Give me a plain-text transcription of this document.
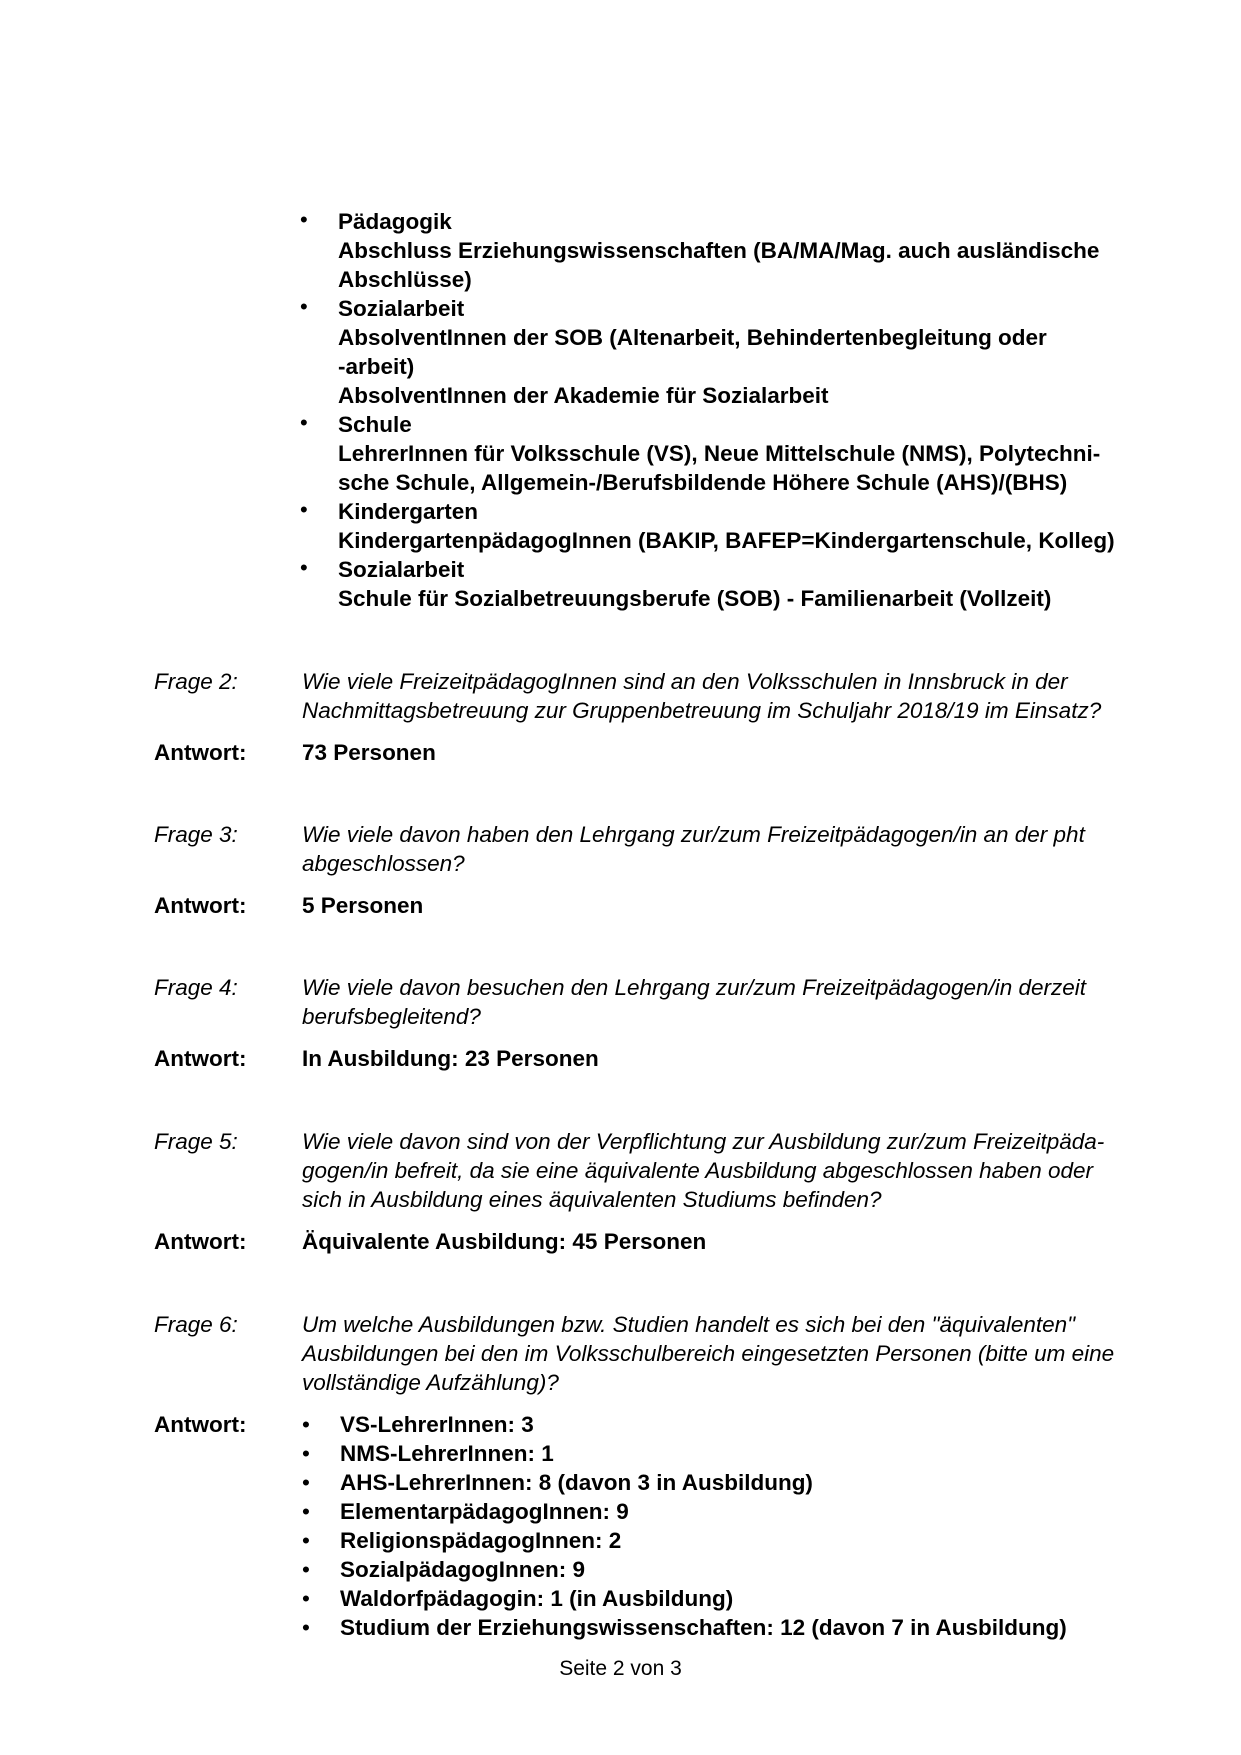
• Pädagogik
Abschluss Erziehungswissenschaften (BA/MA/Mag. auch ausländische
Abschlüsse)
• Sozialarbeit
AbsolventInnen der SOB (Altenarbeit, Behindertenbegleitung oder
-arbeit)
AbsolventInnen der Akademie für Sozialarbeit
• Schule
LehrerInnen für Volksschule (VS), Neue Mittelschule (NMS), Polytechni-
sche Schule, Allgemein-/Berufsbildende Höhere Schule (AHS)/(BHS)
• Kindergarten
KindergartenpädagogInnen (BAKIP, BAFEP=Kindergartenschule, Kolleg)
• Sozialarbeit
Schule für Sozialbetreuungsberufe (SOB) - Familienarbeit (Vollzeit)
Frage 2:	Wie viele FreizeitpädagogInnen sind an den Volksschulen in Innsbruck in der
Nachmittagsbetreuung zur Gruppenbetreuung im Schuljahr 2018/19 im Einsatz?
Antwort:	73 Personen
Frage 3:	Wie viele davon haben den Lehrgang zur/zum Freizeitpädagogen/in an der pht
abgeschlossen?
Antwort:	5 Personen
Frage 4:	Wie viele davon besuchen den Lehrgang zur/zum Freizeitpädagogen/in derzeit
berufsbegleitend?
Antwort:	In Ausbildung: 23 Personen
Frage 5:	Wie viele davon sind von der Verpflichtung zur Ausbildung zur/zum Freizeitpäda-
gogen/in befreit, da sie eine äquivalente Ausbildung abgeschlossen haben oder
sich in Ausbildung eines äquivalenten Studiums befinden?
Antwort:	Äquivalente Ausbildung: 45 Personen
Frage 6:	Um welche Ausbildungen bzw. Studien handelt es sich bei den "äquivalenten"
Ausbildungen bei den im Volksschulbereich eingesetzten Personen (bitte um eine
vollständige Aufzählung)?
Antwort:
•	VS-LehrerInnen: 3
• NMS-LehrerInnen: 1
• AHS-LehrerInnen: 8 (davon 3 in Ausbildung)
• ElementarpädagogInnen: 9
• ReligionspädagogInnen: 2
• SozialpädagogInnen: 9
• Waldorfpädagogin: 1 (in Ausbildung)
• Studium der Erziehungswissenschaften: 12 (davon 7 in Ausbildung)
Seite 2 von 3
